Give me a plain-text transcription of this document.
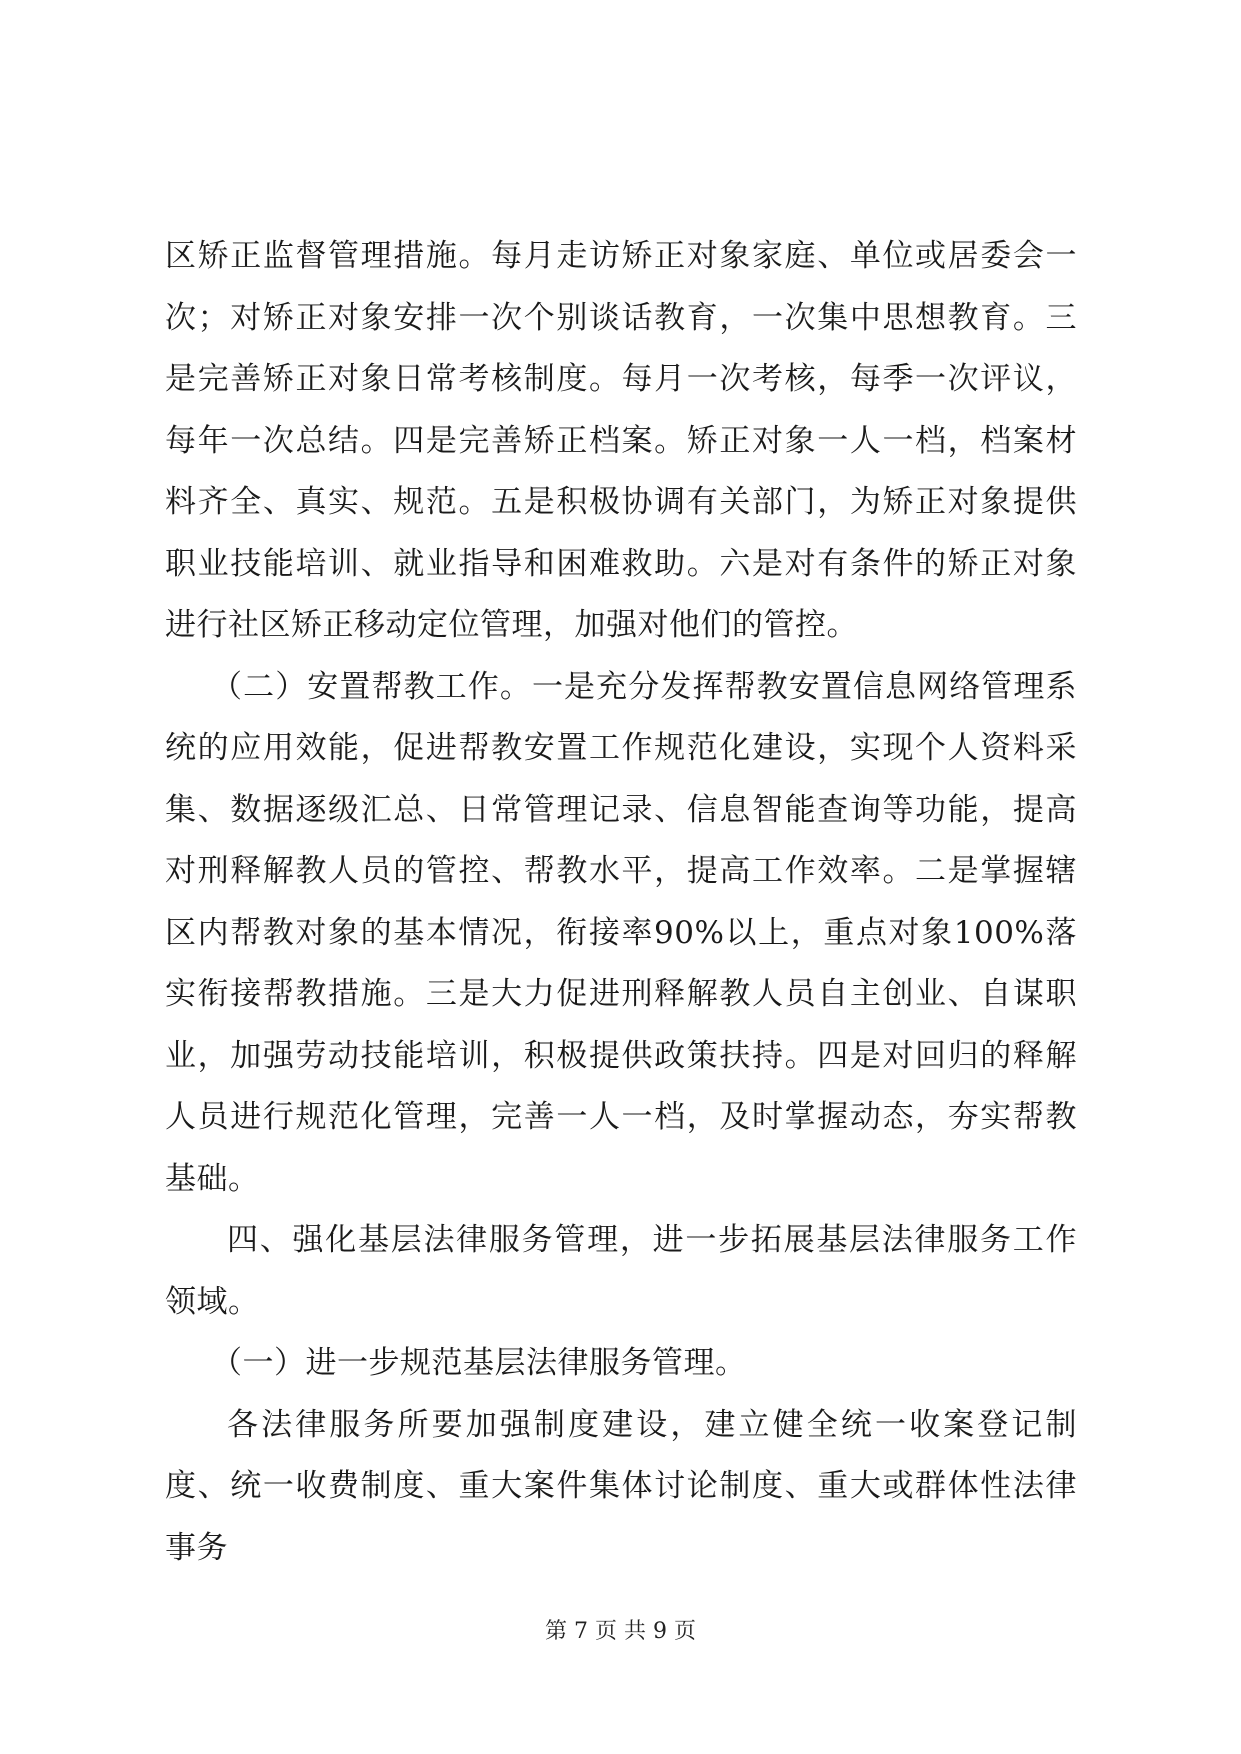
区矫正监督管理措施。每月走访矫正对象家庭、单位或居委会一次；对矫正对象安排一次个别谈话教育，一次集中思想教育。三是完善矫正对象日常考核制度。每月一次考核，每季一次评议，每年一次总结。四是完善矫正档案。矫正对象一人一档，档案材料齐全、真实、规范。五是积极协调有关部门，为矫正对象提供职业技能培训、就业指导和困难救助。六是对有条件的矫正对象进行社区矫正移动定位管理，加强对他们的管控。

（二）安置帮教工作。一是充分发挥帮教安置信息网络管理系统的应用效能，促进帮教安置工作规范化建设，实现个人资料采集、数据逐级汇总、日常管理记录、信息智能查询等功能，提高对刑释解教人员的管控、帮教水平，提高工作效率。二是掌握辖区内帮教对象的基本情况，衔接率90%以上，重点对象100%落实衔接帮教措施。三是大力促进刑释解教人员自主创业、自谋职业，加强劳动技能培训，积极提供政策扶持。四是对回归的释解人员进行规范化管理，完善一人一档，及时掌握动态，夯实帮教基础。

四、强化基层法律服务管理，进一步拓展基层法律服务工作领域。

（一）进一步规范基层法律服务管理。

各法律服务所要加强制度建设，建立健全统一收案登记制度、统一收费制度、重大案件集体讨论制度、重大或群体性法律事务

第 7 页 共 9 页
